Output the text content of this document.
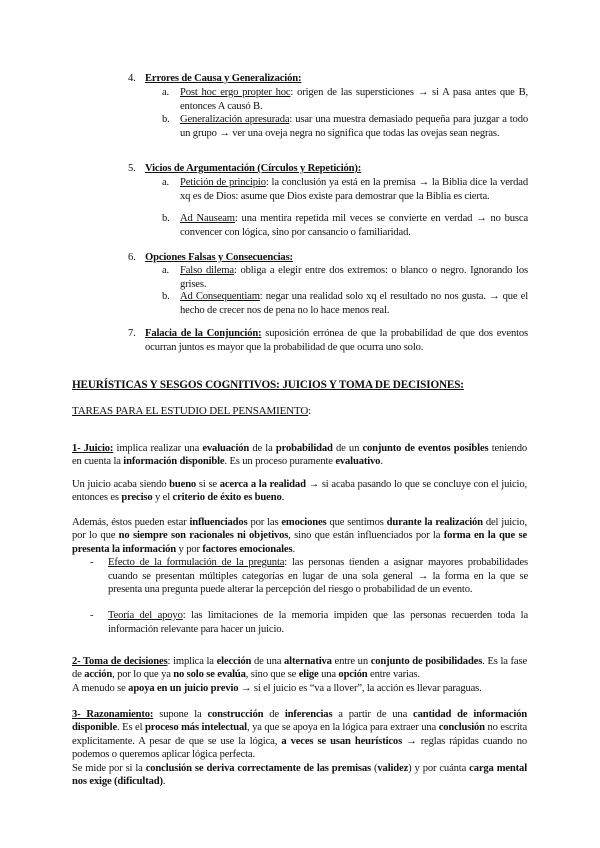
4. Errores de Causa y Generalización:
a. Post hoc ergo propter hoc: origen de las supersticiones → si A pasa antes que B, entonces A causó B.
b. Generalización apresurada: usar una muestra demasiado pequeña para juzgar a todo un grupo → ver una oveja negra no significa que todas las ovejas sean negras.
5. Vicios de Argumentación (Círculos y Repetición):
a. Petición de principio: la conclusión ya está en la premisa → la Biblia dice la verdad xq es de Dios: asume que Dios existe para demostrar que la Biblia es cierta.
b. Ad Nauseam: una mentira repetida mil veces se convierte en verdad → no busca convencer con lógica, sino por cansancio o familiaridad.
6. Opciones Falsas y Consecuencias:
a. Falso dilema: obliga a elegir entre dos extremos: o blanco o negro. Ignorando los grises.
b. Ad Consequentiam: negar una realidad solo xq el resultado no nos gusta. → que el hecho de crecer nos de pena no lo hace menos real.
7. Falacia de la Conjunción: suposición errónea de que la probabilidad de que dos eventos ocurran juntos es mayor que la probabilidad de que ocurra uno solo.
HEURÍSTICAS Y SESGOS COGNITIVOS: JUICIOS Y TOMA DE DECISIONES:
TAREAS PARA EL ESTUDIO DEL PENSAMIENTO:

1- Juicio: implica realizar una evaluación de la probabilidad de un conjunto de eventos posibles teniendo en cuenta la información disponible. Es un proceso puramente evaluativo.

Un juicio acaba siendo bueno si se acerca a la realidad → si acaba pasando lo que se concluye con el juicio, entonces es preciso y el criterio de éxito es bueno.

Además, éstos pueden estar influenciados por las emociones que sentimos durante la realización del juicio, por lo que no siempre son racionales ni objetivos, sino que están influenciados por la forma en la que se presenta la información y por factores emocionales.

- Efecto de la formulación de la pregunta: las personas tienden a asignar mayores probabilidades cuando se presentan múltiples categorías en lugar de una sola general → la forma en la que se presenta una pregunta puede alterar la percepción del riesgo o probabilidad de un evento.
- Teoría del apoyo: las limitaciones de la memoria impiden que las personas recuerden toda la información relevante para hacer un juicio.

2- Toma de decisiones: implica la elección de una alternativa entre un conjunto de posibilidades. Es la fase de acción, por lo que ya no solo se evalúa, sino que se elige una opción entre varias.

A menudo se apoya en un juicio previo → si el juicio es “va a llover”, la acción es llevar paraguas.

3- Razonamiento: supone la construcción de inferencias a partir de una cantidad de información disponible. Es el proceso más intelectual, ya que se apoya en la lógica para extraer una conclusión no escrita explícitamente. A pesar de que se use la lógica, a veces se usan heurísticos → reglas rápidas cuando no podemos o queremos aplicar lógica perfecta.

Se mide por si la conclusión se deriva correctamente de las premisas (validez) y por cuánta carga mental nos exige (dificultad).
